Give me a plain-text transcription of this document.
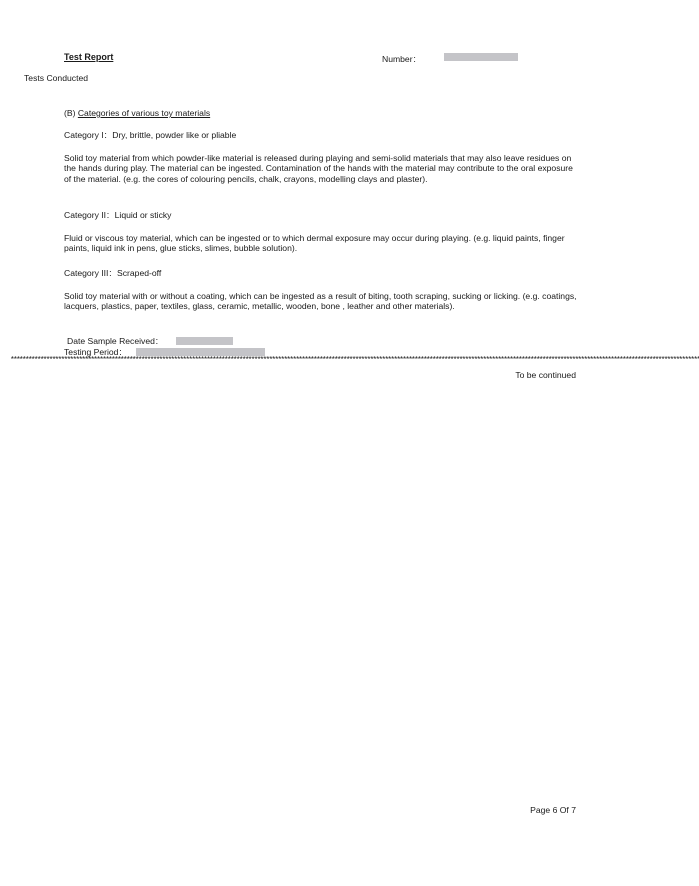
Test Report	Number：
Tests Conducted
(B) Categories of various toy materials
Category I：Dry, brittle, powder like or pliable
Solid toy material from which powder-like material is released during playing and semi-solid materials that may also leave residues on the hands during play. The material can be ingested. Contamination of the hands with the material may contribute to the oral exposure of the material. (e.g. the cores of colouring pencils, chalk, crayons, modelling clays and plaster).
Category II：Liquid or sticky
Fluid or viscous toy material, which can be ingested or to which dermal exposure may occur during playing. (e.g. liquid paints, finger paints, liquid ink in pens, glue sticks, slimes, bubble solution).
Category III：Scraped-off
Solid toy material with or without a coating, which can be ingested as a result of biting, tooth scraping, sucking or licking. (e.g. coatings, lacquers, plastics, paper, textiles, glass, ceramic, metallic, wooden, bone , leather and other materials).
Date Sample Received：
Testing Period：
****************************************************************************************************************************************************************************************************************************************
To be continued
Page 6 Of 7
